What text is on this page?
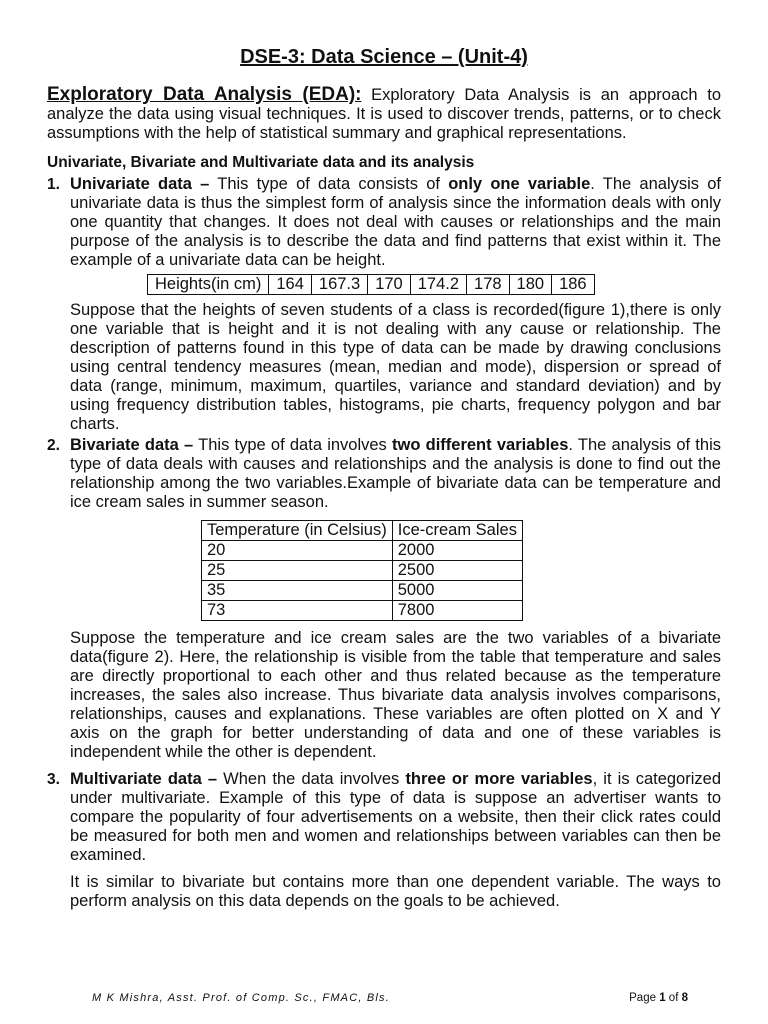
DSE-3: Data Science – (Unit-4)

Exploratory Data Analysis (EDA): Exploratory Data Analysis is an approach to analyze the data using visual techniques. It is used to discover trends, patterns, or to check assumptions with the help of statistical summary and graphical representations.

Univariate, Bivariate and Multivariate data and its analysis
1. Univariate data – This type of data consists of only one variable. The analysis of univariate data is thus the simplest form of analysis since the information deals with only one quantity that changes. It does not deal with causes or relationships and the main purpose of the analysis is to describe the data and find patterns that exist within it. The example of a univariate data can be height.

Heights(in cm)	164	167.3	170	174.2	178	180	186

Suppose that the heights of seven students of a class is recorded(figure 1),there is only one variable that is height and it is not dealing with any cause or relationship. The description of patterns found in this type of data can be made by drawing conclusions using central tendency measures (mean, median and mode), dispersion or spread of data (range, minimum, maximum, quartiles, variance and standard deviation) and by using frequency distribution tables, histograms, pie charts, frequency polygon and bar charts.

2. Bivariate data – This type of data involves two different variables. The analysis of this type of data deals with causes and relationships and the analysis is done to find out the relationship among the two variables.Example of bivariate data can be temperature and ice cream sales in summer season.

Temperature (in Celsius)	Ice-cream Sales
20	2000
25	2500
35	5000
73	7800

Suppose the temperature and ice cream sales are the two variables of a bivariate data(figure 2). Here, the relationship is visible from the table that temperature and sales are directly proportional to each other and thus related because as the temperature increases, the sales also increase. Thus bivariate data analysis involves comparisons, relationships, causes and explanations. These variables are often plotted on X and Y axis on the graph for better understanding of data and one of these variables is independent while the other is dependent.

3. Multivariate data – When the data involves three or more variables, it is categorized under multivariate. Example of this type of data is suppose an advertiser wants to compare the popularity of four advertisements on a website, then their click rates could be measured for both men and women and relationships between variables can then be examined.

It is similar to bivariate but contains more than one dependent variable. The ways to perform analysis on this data depends on the goals to be achieved.

M K Mishra, Asst. Prof. of Comp. Sc., FMAC, Bls.	Page 1 of 8
